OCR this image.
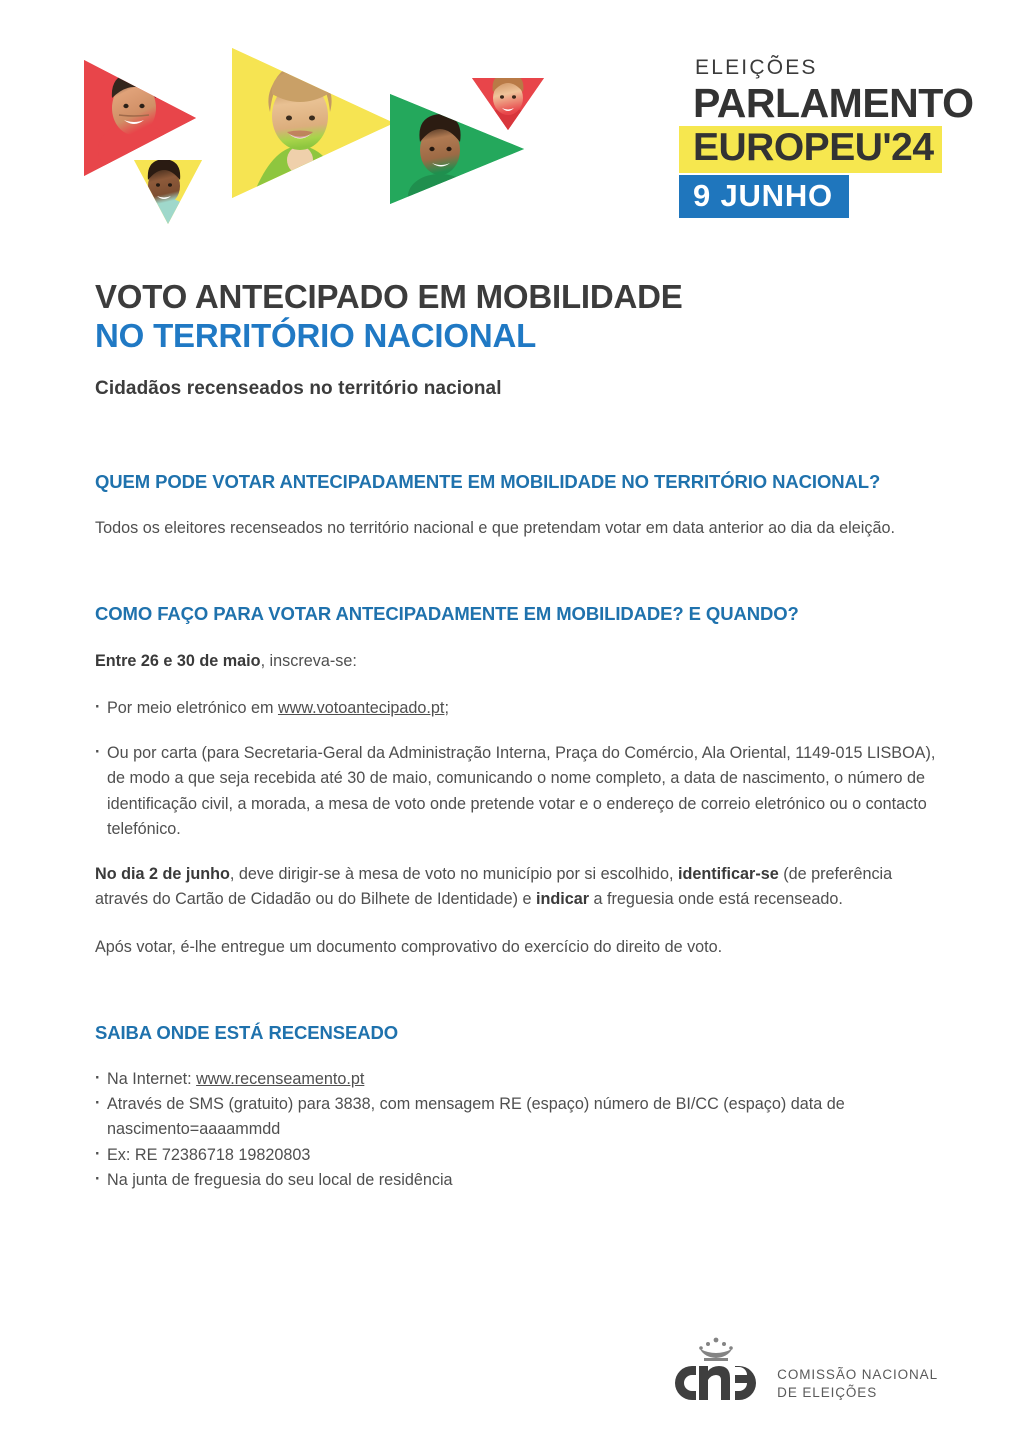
ELEIÇÕES
PARLAMENTO
EUROPEU'24
9 JUNHO
VOTO ANTECIPADO EM MOBILIDADE
NO TERRITÓRIO NACIONAL

Cidadãos recenseados no território nacional

QUEM PODE VOTAR ANTECIPADAMENTE EM MOBILIDADE NO TERRITÓRIO NACIONAL?

Todos os eleitores recenseados no território nacional e que pretendam votar em data anterior ao dia da eleição.

COMO FAÇO PARA VOTAR ANTECIPADAMENTE EM MOBILIDADE? E QUANDO?

Entre 26 e 30 de maio, inscreva-se:

· Por meio eletrónico em www.votoantecipado.pt;
· Ou por carta (para Secretaria-Geral da Administração Interna, Praça do Comércio, Ala Oriental, 1149-015 LISBOA), de modo a que seja recebida até 30 de maio, comunicando o nome completo, a data de nascimento, o número de identificação civil, a morada, a mesa de voto onde pretende votar e o endereço de correio eletrónico ou o contacto telefónico.

No dia 2 de junho, deve dirigir-se à mesa de voto no município por si escolhido, identificar-se (de preferência através do Cartão de Cidadão ou do Bilhete de Identidade) e indicar a freguesia onde está recenseado.

Após votar, é-lhe entregue um documento comprovativo do exercício do direito de voto.

SAIBA ONDE ESTÁ RECENSEADO
· Na Internet: www.recenseamento.pt
· Através de SMS (gratuito) para 3838, com mensagem RE (espaço) número de BI/CC (espaço) data de nascimento=aaaammdd
· Ex: RE 72386718 19820803
· Na junta de freguesia do seu local de residência
COMISSÃO NACIONAL
DE ELEIÇÕES
